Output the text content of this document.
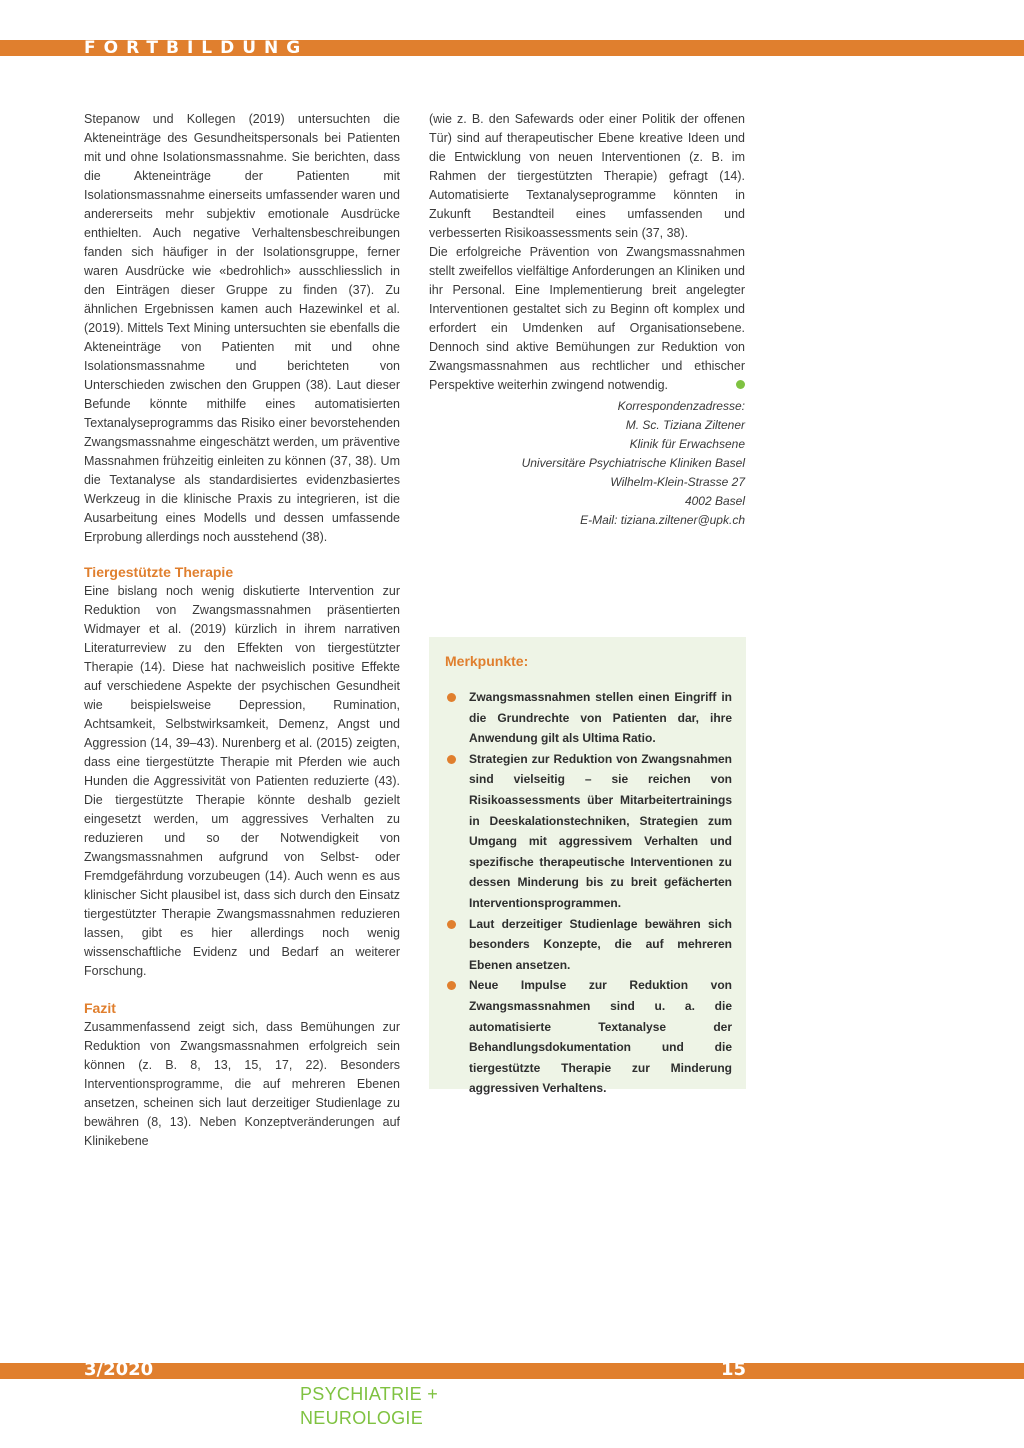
FORTBILDUNG

Stepanow und Kollegen (2019) untersuchten die Akteneinträge des Gesundheitspersonals bei Patienten mit und ohne Isolationsmassnahme. Sie berichten, dass die Akteneinträge der Patienten mit Isolationsmassnahme einerseits umfassender waren und andererseits mehr subjektiv emotionale Ausdrücke enthielten. Auch negative Verhaltensbeschreibungen fanden sich häufiger in der Isolationsgruppe, ferner waren Ausdrücke wie «bedrohlich» ausschliesslich in den Einträgen dieser Gruppe zu finden (37). Zu ähnlichen Ergebnissen kamen auch Hazewinkel et al. (2019). Mittels Text Mining untersuchten sie ebenfalls die Akteneinträge von Patienten mit und ohne Isolationsmassnahme und berichteten von Unterschieden zwischen den Gruppen (38). Laut dieser Befunde könnte mithilfe eines automatisierten Textanalyseprogramms das Risiko einer bevorstehenden Zwangsmassnahme eingeschätzt werden, um präventive Massnahmen frühzeitig einleiten zu können (37, 38). Um die Textanalyse als standardisiertes evidenzbasiertes Werkzeug in die klinische Praxis zu integrieren, ist die Ausarbeitung eines Modells und dessen umfassende Erprobung allerdings noch ausstehend (38).

Tiergestützte Therapie

Eine bislang noch wenig diskutierte Intervention zur Reduktion von Zwangsmassnahmen präsentierten Widmayer et al. (2019) kürzlich in ihrem narrativen Literaturreview zu den Effekten von tiergestützter Therapie (14). Diese hat nachweislich positive Effekte auf verschiedene Aspekte der psychischen Gesundheit wie beispielsweise Depression, Rumination, Achtsamkeit, Selbstwirksamkeit, Demenz, Angst und Aggression (14, 39–43). Nurenberg et al. (2015) zeigten, dass eine tiergestützte Therapie mit Pferden wie auch Hunden die Aggressivität von Patienten reduzierte (43). Die tiergestützte Therapie könnte deshalb gezielt eingesetzt werden, um aggressives Verhalten zu reduzieren und so der Notwendigkeit von Zwangsmassnahmen aufgrund von Selbst- oder Fremdgefährdung vorzubeugen (14). Auch wenn es aus klinischer Sicht plausibel ist, dass sich durch den Einsatz tiergestützter Therapie Zwangsmassnahmen reduzieren lassen, gibt es hier allerdings noch wenig wissenschaftliche Evidenz und Bedarf an weiterer Forschung.

Fazit

Zusammenfassend zeigt sich, dass Bemühungen zur Reduktion von Zwangsmassnahmen erfolgreich sein können (z. B. 8, 13, 15, 17, 22). Besonders Interventionsprogramme, die auf mehreren Ebenen ansetzen, scheinen sich laut derzeitiger Studienlage zu bewähren (8, 13). Neben Konzeptveränderungen auf Klinikebene

(wie z. B. den Safewards oder einer Politik der offenen Tür) sind auf therapeutischer Ebene kreative Ideen und die Entwicklung von neuen Interventionen (z. B. im Rahmen der tiergestützten Therapie) gefragt (14). Automatisierte Textanalyseprogramme könnten in Zukunft Bestandteil eines umfassenden und verbesserten Risikoassessments sein (37, 38).

Die erfolgreiche Prävention von Zwangsmassnahmen stellt zweifellos vielfältige Anforderungen an Kliniken und ihr Personal. Eine Implementierung breit angelegter Interventionen gestaltet sich zu Beginn oft komplex und erfordert ein Umdenken auf Organisationsebene. Dennoch sind aktive Bemühungen zur Reduktion von Zwangsmassnahmen aus rechtlicher und ethischer Perspektive weiterhin zwingend notwendig.

Korrespondenzadresse:
M. Sc. Tiziana Ziltener
Klinik für Erwachsene
Universitäre Psychiatrische Kliniken Basel
Wilhelm-Klein-Strasse 27
4002 Basel
E-Mail: tiziana.ziltener@upk.ch
Merkpunkte:
Zwangsmassnahmen stellen einen Eingriff in die Grundrechte von Patienten dar, ihre Anwendung gilt als Ultima Ratio.
Strategien zur Reduktion von Zwangsnahmen sind vielseitig – sie reichen von Risikoassessments über Mitarbeitertrainings in Deeskalationstechniken, Strategien zum Umgang mit aggressivem Verhalten und spezifische therapeutische Interventionen zu dessen Minderung bis zu breit gefächerten Interventionsprogrammen.
Laut derzeitiger Studienlage bewähren sich besonders Konzepte, die auf mehreren Ebenen ansetzen.
Neue Impulse zur Reduktion von Zwangsmassnahmen sind u. a. die automatisierte Textanalyse der Behandlungsdokumentation und die tiergestützte Therapie zur Minderung aggressiven Verhaltens.
3/2020	15
PSYCHIATRIE + NEUROLOGIE
